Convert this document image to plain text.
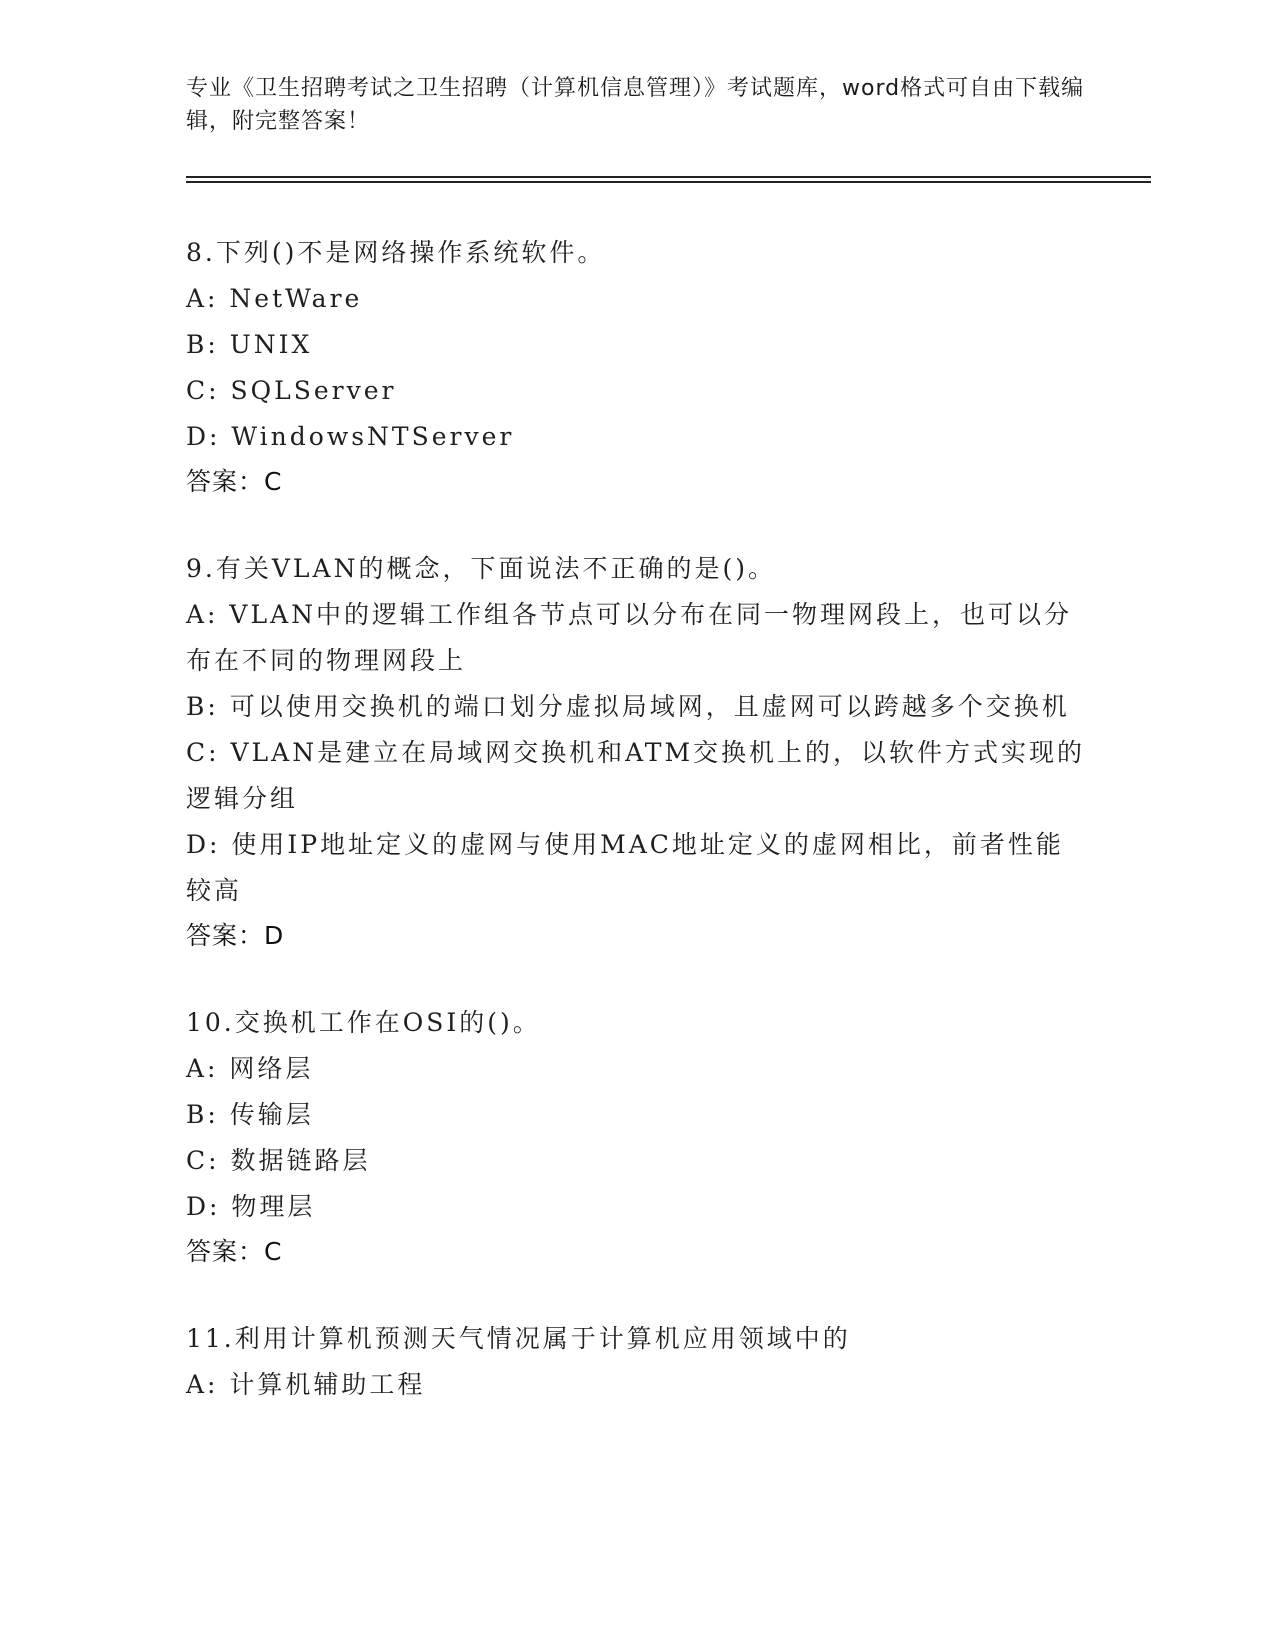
专业《卫生招聘考试之卫生招聘（计算机信息管理）》考试题库，word格式可自由下载编辑，附完整答案！
8.下列()不是网络操作系统软件。
A: NetWare
B: UNIX
C: SQLServer
D: WindowsNTServer
答案：C
9.有关VLAN的概念，下面说法不正确的是()。
A: VLAN中的逻辑工作组各节点可以分布在同一物理网段上，也可以分布在不同的物理网段上
B: 可以使用交换机的端口划分虚拟局域网，且虚网可以跨越多个交换机
C: VLAN是建立在局域网交换机和ATM交换机上的，以软件方式实现的逻辑分组
D: 使用IP地址定义的虚网与使用MAC地址定义的虚网相比，前者性能较高
答案：D
10.交换机工作在OSI的()。
A: 网络层
B: 传输层
C: 数据链路层
D: 物理层
答案：C
11.利用计算机预测天气情况属于计算机应用领域中的
A: 计算机辅助工程
